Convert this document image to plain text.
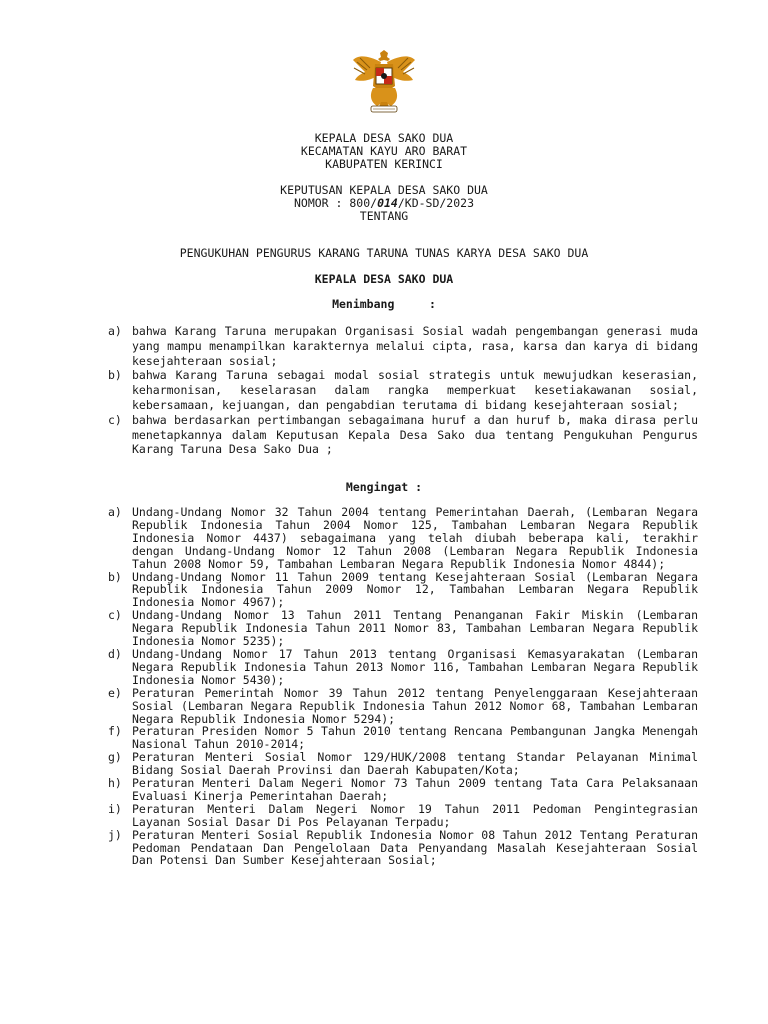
KEPALA DESA SAKO DUA
KECAMATAN KAYU ARO BARAT
KABUPATEN KERINCI
KEPUTUSAN KEPALA DESA SAKO DUA
NOMOR : 800/014/KD-SD/2023
TENTANG
PENGUKUHAN PENGURUS KARANG TARUNA TUNAS KARYA DESA SAKO DUA
KEPALA DESA SAKO DUA
Menimbang     :
a) bahwa Karang Taruna merupakan Organisasi Sosial wadah pengembangan generasi muda yang mampu menampilkan karakternya melalui cipta, rasa, karsa dan karya di bidang kesejahteraan sosial;
b) bahwa Karang Taruna sebagai modal sosial strategis untuk mewujudkan keserasian, keharmonisan, keselarasan dalam rangka memperkuat kesetiakawanan sosial, kebersamaan, kejuangan, dan pengabdian terutama di bidang kesejahteraan sosial;
c) bahwa berdasarkan pertimbangan sebagaimana huruf a dan huruf b, maka dirasa perlu menetapkannya dalam Keputusan Kepala Desa Sako dua tentang Pengukuhan Pengurus Karang Taruna Desa Sako Dua ;
Mengingat :
a) Undang-Undang Nomor 32 Tahun 2004 tentang Pemerintahan Daerah, (Lembaran Negara Republik Indonesia Tahun 2004 Nomor 125, Tambahan Lembaran Negara Republik Indonesia Nomor 4437) sebagaimana yang telah diubah beberapa kali, terakhir dengan Undang-Undang Nomor 12 Tahun 2008 (Lembaran Negara Republik Indonesia Tahun 2008 Nomor 59, Tambahan Lembaran Negara Republik Indonesia Nomor 4844);
b) Undang-Undang Nomor 11 Tahun 2009 tentang Kesejahteraan Sosial (Lembaran Negara Republik Indonesia Tahun 2009 Nomor 12, Tambahan Lembaran Negara Republik Indonesia Nomor 4967);
c) Undang-Undang Nomor 13 Tahun 2011 Tentang Penanganan Fakir Miskin (Lembaran Negara Republik Indonesia Tahun 2011 Nomor 83, Tambahan Lembaran Negara Republik Indonesia Nomor 5235);
d) Undang-Undang Nomor 17 Tahun 2013 tentang Organisasi Kemasyarakatan (Lembaran Negara Republik Indonesia Tahun 2013 Nomor 116, Tambahan Lembaran Negara Republik Indonesia Nomor 5430);
e) Peraturan Pemerintah Nomor 39 Tahun 2012 tentang Penyelenggaraan Kesejahteraan Sosial (Lembaran Negara Republik Indonesia Tahun 2012 Nomor 68, Tambahan Lembaran Negara Republik Indonesia Nomor 5294);
f) Peraturan Presiden Nomor 5 Tahun 2010 tentang Rencana Pembangunan Jangka Menengah Nasional Tahun 2010-2014;
g) Peraturan Menteri Sosial Nomor 129/HUK/2008 tentang Standar Pelayanan Minimal Bidang Sosial Daerah Provinsi dan Daerah Kabupaten/Kota;
h) Peraturan Menteri Dalam Negeri Nomor 73 Tahun 2009 tentang Tata Cara Pelaksanaan Evaluasi Kinerja Pemerintahan Daerah;
i) Peraturan Menteri Dalam Negeri Nomor 19 Tahun 2011 Pedoman Pengintegrasian Layanan Sosial Dasar Di Pos Pelayanan Terpadu;
j) Peraturan Menteri Sosial Republik Indonesia Nomor 08 Tahun 2012 Tentang Peraturan Pedoman Pendataan Dan Pengelolaan Data Penyandang Masalah Kesejahteraan Sosial Dan Potensi Dan Sumber Kesejahteraan Sosial;
